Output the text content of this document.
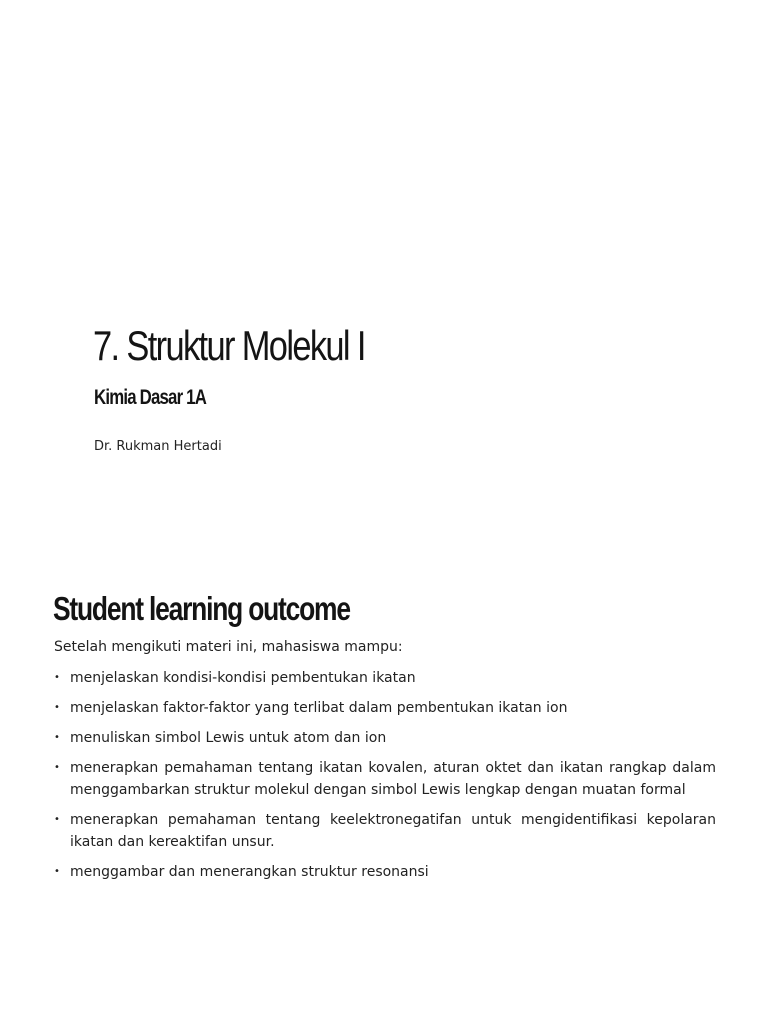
7. Struktur Molekul I
Kimia Dasar 1A

Dr. Rukman Hertadi

Student learning outcome

Setelah mengikuti materi ini, mahasiswa mampu:

• menjelaskan kondisi-kondisi pembentukan ikatan
• menjelaskan faktor-faktor yang terlibat dalam pembentukan ikatan ion
• menuliskan simbol Lewis untuk atom dan ion
• menerapkan pemahaman tentang ikatan kovalen, aturan oktet dan ikatan rangkap dalam menggambarkan struktur molekul dengan simbol Lewis lengkap dengan muatan formal
• menerapkan pemahaman tentang keelektronegatifan untuk mengidentifikasi kepolaran ikatan dan kereaktifan unsur.
• menggambar dan menerangkan struktur resonansi
